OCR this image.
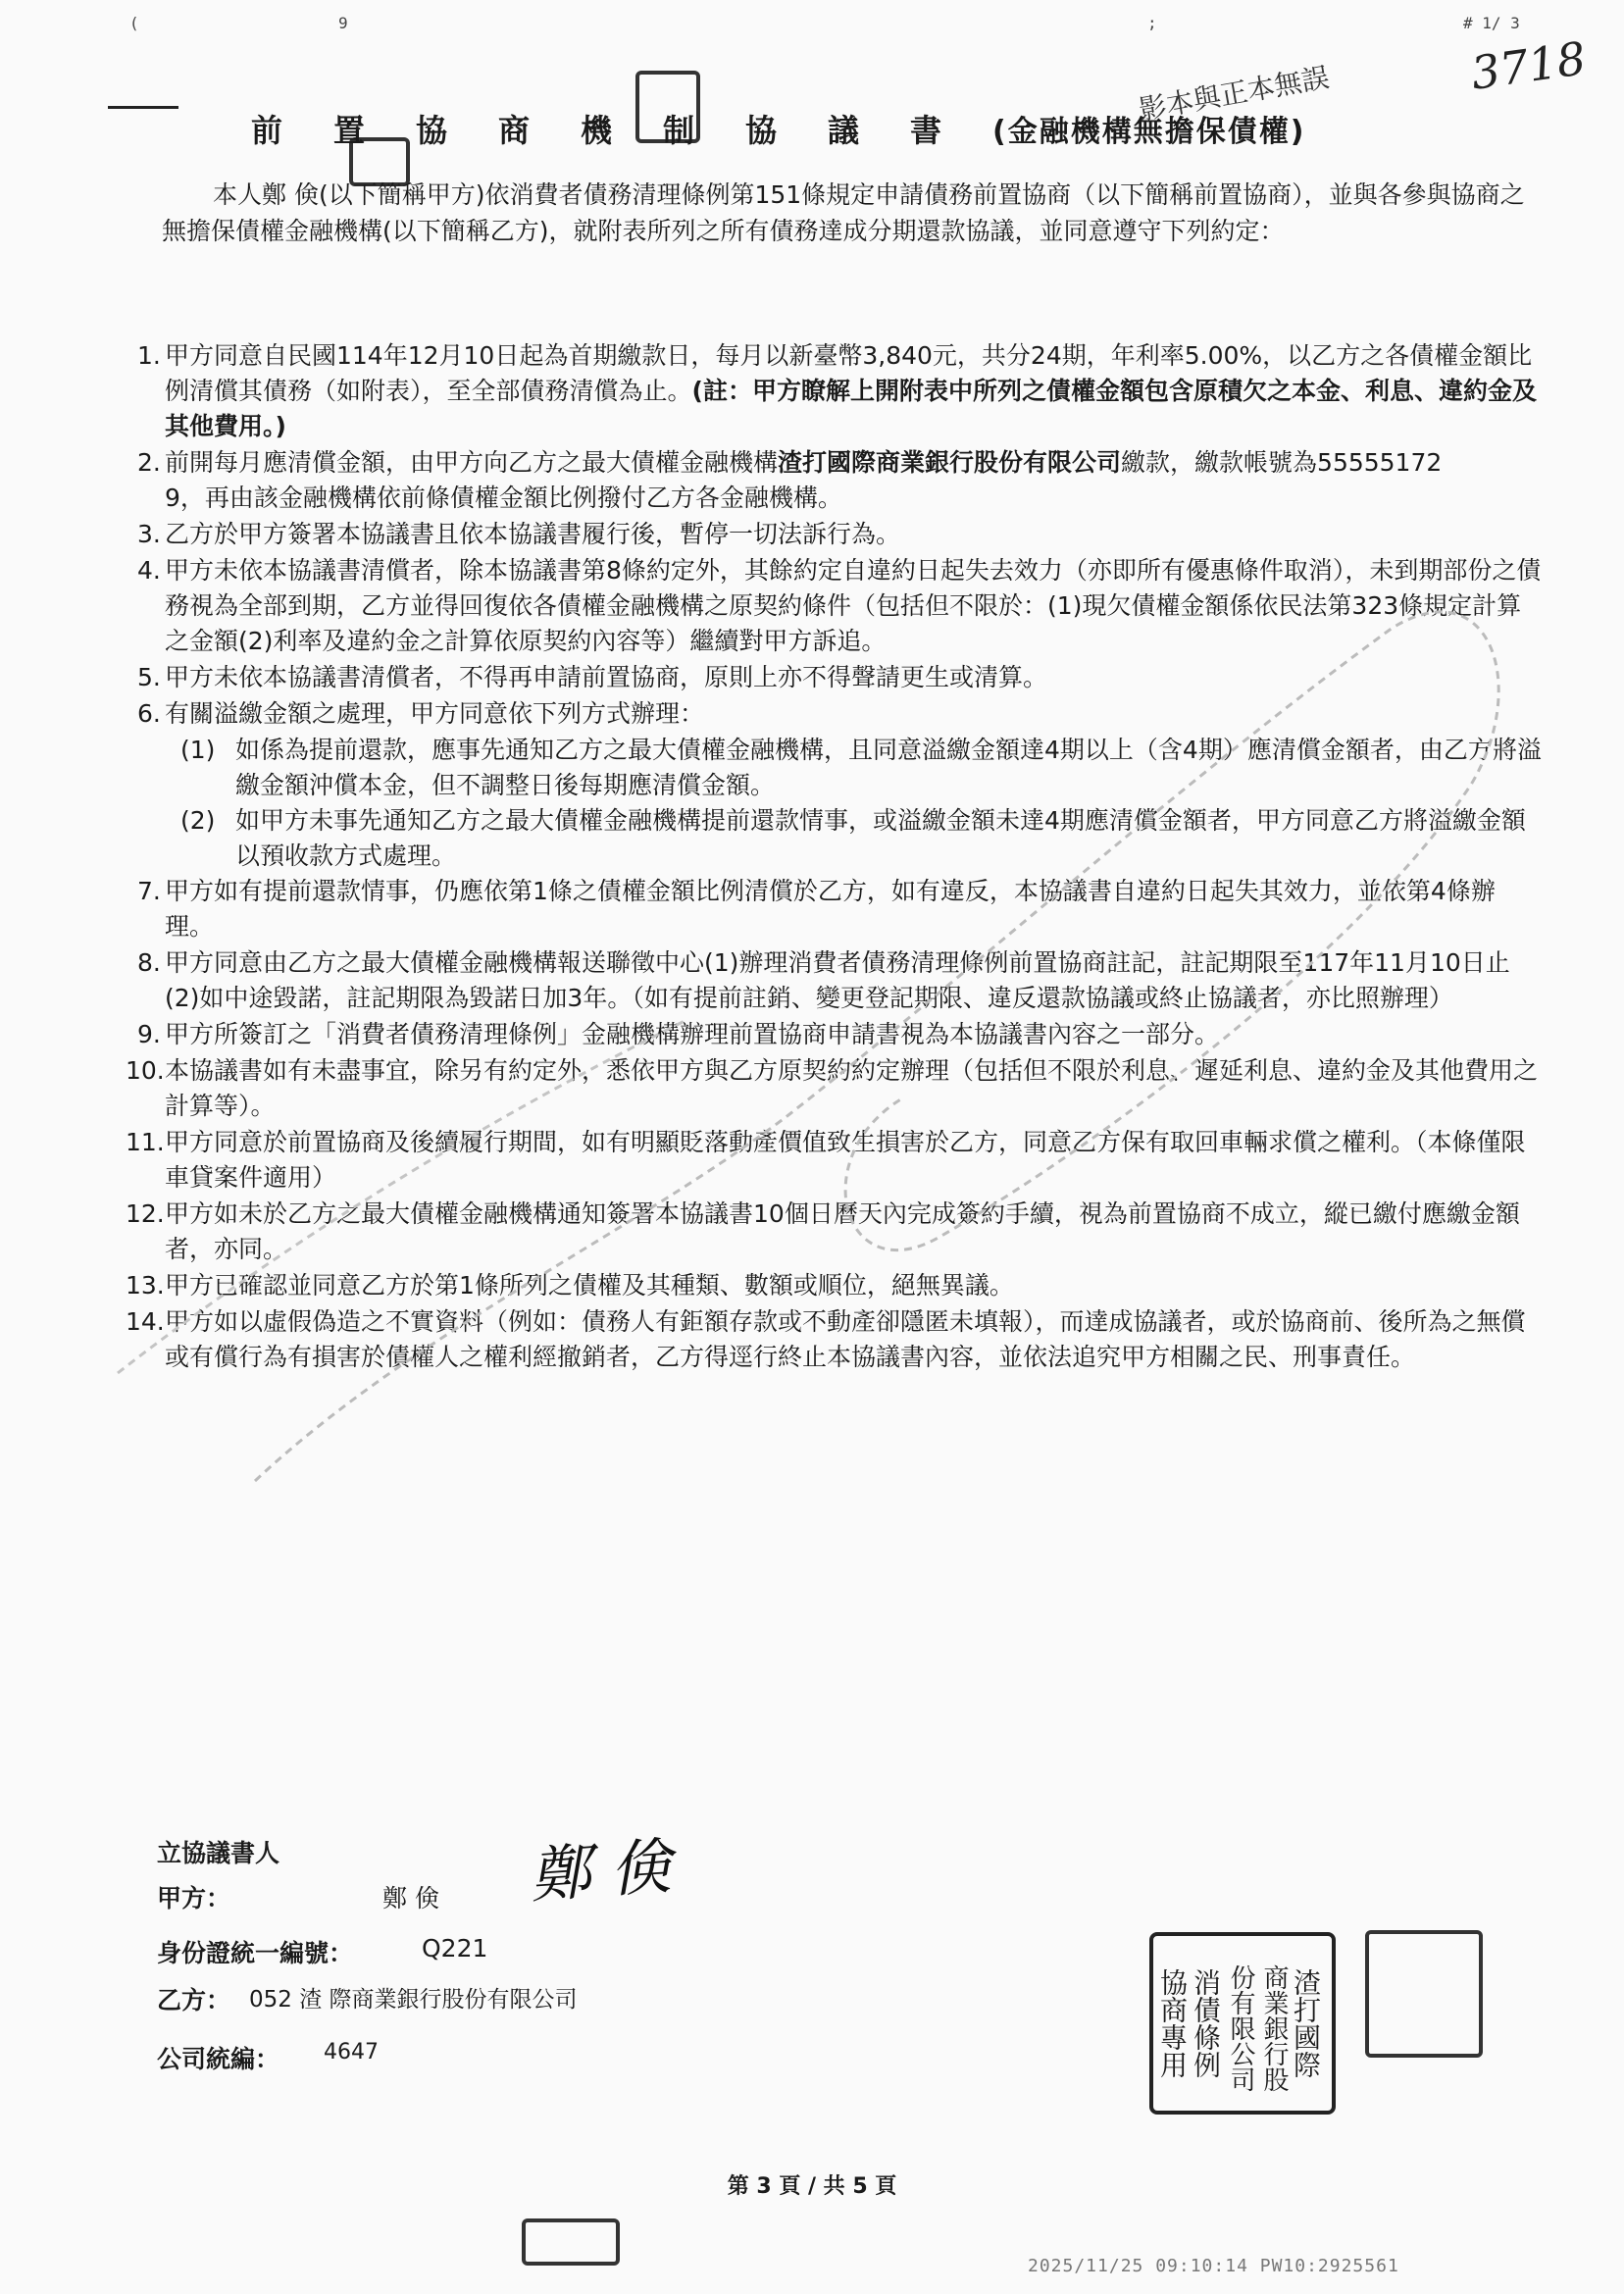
(	9	;	# 1/ 3
3718
影本與正本無誤
前置協商機制協議書(金融機構無擔保債權)
本人鄭 倹(以下簡稱甲方)依消費者債務清理條例第151條規定申請債務前置協商（以下簡稱前置協商），並與各參與協商之無擔保債權金融機構(以下簡稱乙方)，就附表所列之所有債務達成分期還款協議，並同意遵守下列約定：
1. 甲方同意自民國114年12月10日起為首期繳款日，每月以新臺幣3,840元，共分24期，年利率5.00%，以乙方之各債權金額比例清償其債務（如附表），至全部債務清償為止。(註：甲方瞭解上開附表中所列之債權金額包含原積欠之本金、利息、違約金及其他費用。)
2. 前開每月應清償金額，由甲方向乙方之最大債權金融機構渣打國際商業銀行股份有限公司繳款，繳款帳號為555551729，再由該金融機構依前條債權金額比例撥付乙方各金融機構。
3. 乙方於甲方簽署本協議書且依本協議書履行後，暫停一切法訴行為。
4. 甲方未依本協議書清償者，除本協議書第8條約定外，其餘約定自違約日起失去效力（亦即所有優惠條件取消），未到期部份之債務視為全部到期，乙方並得回復依各債權金融機構之原契約條件（包括但不限於：(1)現欠債權金額係依民法第323條規定計算之金額(2)利率及違約金之計算依原契約內容等）繼續對甲方訴追。
5. 甲方未依本協議書清償者，不得再申請前置協商，原則上亦不得聲請更生或清算。
6. 有關溢繳金額之處理，甲方同意依下列方式辦理：
(1) 如係為提前還款，應事先通知乙方之最大債權金融機構，且同意溢繳金額達4期以上（含4期）應清償金額者，由乙方將溢繳金額沖償本金，但不調整日後每期應清償金額。
(2) 如甲方未事先通知乙方之最大債權金融機構提前還款情事，或溢繳金額未達4期應清償金額者，甲方同意乙方將溢繳金額以預收款方式處理。
7. 甲方如有提前還款情事，仍應依第1條之債權金額比例清償於乙方，如有違反，本協議書自違約日起失其效力，並依第4條辦理。
8. 甲方同意由乙方之最大債權金融機構報送聯徵中心(1)辦理消費者債務清理條例前置協商註記，註記期限至117年11月10日止(2)如中途毀諾，註記期限為毀諾日加3年。（如有提前註銷、變更登記期限、違反還款協議或終止協議者，亦比照辦理）
9. 甲方所簽訂之「消費者債務清理條例」金融機構辦理前置協商申請書視為本協議書內容之一部分。
10. 本協議書如有未盡事宜，除另有約定外，悉依甲方與乙方原契約約定辦理（包括但不限於利息、遲延利息、違約金及其他費用之計算等）。
11. 甲方同意於前置協商及後續履行期間，如有明顯貶落動產價值致生損害於乙方，同意乙方保有取回車輛求償之權利。（本條僅限車貸案件適用）
12. 甲方如未於乙方之最大債權金融機構通知簽署本協議書10個日曆天內完成簽約手續，視為前置協商不成立，縱已繳付應繳金額者，亦同。
13. 甲方已確認並同意乙方於第1條所列之債權及其種類、數額或順位，絕無異議。
14. 甲方如以虛假偽造之不實資料（例如：債務人有鉅額存款或不動產卻隱匿未填報），而達成協議者，或於協商前、後所為之無償或有償行為有損害於債權人之權利經撤銷者，乙方得逕行終止本協議書內容，並依法追究甲方相關之民、刑事責任。
立協議書人
甲方：	鄭 倹
身份證統一編號：	Q221
乙方： 052 渣 際商業銀行股份有限公司
公司統編： 4647
鄭 倹
渣打國際
商業銀行股
份有限公司
消債條例
協商專用
第 3 頁 / 共 5 頁
2025/11/25 09:10:14 PW10:2925561
